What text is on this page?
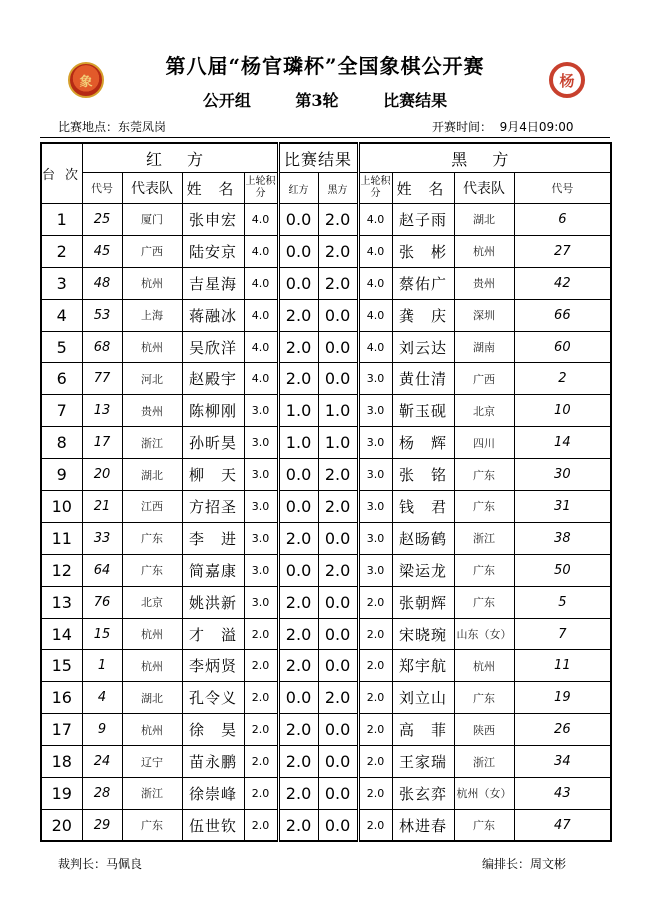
象	杨
第八届“杨官璘杯”全国象棋公开赛
公开组	第3轮	比赛结果
比赛地点：东莞凤岗	开赛时间： 9月4日09:00
台次	红 方				比赛结果		黑 方			
	代号	代表队	姓 名	上轮积分	红方	黑方	上轮积分	姓 名	代表队	代号
1	25	厦门	张申宏	4.0	0.0	2.0	4.0	赵子雨	湖北	6
2	45	广西	陆安京	4.0	0.0	2.0	4.0	张　彬	杭州	27
3	48	杭州	吉星海	4.0	0.0	2.0	4.0	蔡佑广	贵州	42
4	53	上海	蒋融冰	4.0	2.0	0.0	4.0	龚　庆	深圳	66
5	68	杭州	吴欣洋	4.0	2.0	0.0	4.0	刘云达	湖南	60
6	77	河北	赵殿宇	4.0	2.0	0.0	3.0	黄仕清	广西	2
7	13	贵州	陈柳刚	3.0	1.0	1.0	3.0	靳玉砚	北京	10
8	17	浙江	孙昕昊	3.0	1.0	1.0	3.0	杨　辉	四川	14
9	20	湖北	柳　天	3.0	0.0	2.0	3.0	张　铭	广东	30
10	21	江西	方招圣	3.0	0.0	2.0	3.0	钱　君	广东	31
11	33	广东	李　进	3.0	2.0	0.0	3.0	赵旸鹤	浙江	38
12	64	广东	简嘉康	3.0	0.0	2.0	3.0	梁运龙	广东	50
13	76	北京	姚洪新	3.0	2.0	0.0	2.0	张朝辉	广东	5
14	15	杭州	才　溢	2.0	2.0	0.0	2.0	宋晓琬	山东（女）	7
15	1	杭州	李炳贤	2.0	2.0	0.0	2.0	郑宇航	杭州	11
16	4	湖北	孔令义	2.0	0.0	2.0	2.0	刘立山	广东	19
17	9	杭州	徐　昊	2.0	2.0	0.0	2.0	高　菲	陕西	26
18	24	辽宁	苗永鹏	2.0	2.0	0.0	2.0	王家瑞	浙江	34
19	28	浙江	徐崇峰	2.0	2.0	0.0	2.0	张玄弈	杭州（女）	43
20	29	广东	伍世钦	2.0	2.0	0.0	2.0	林进春	广东	47
裁判长：马佩良	编排长：周文彬
